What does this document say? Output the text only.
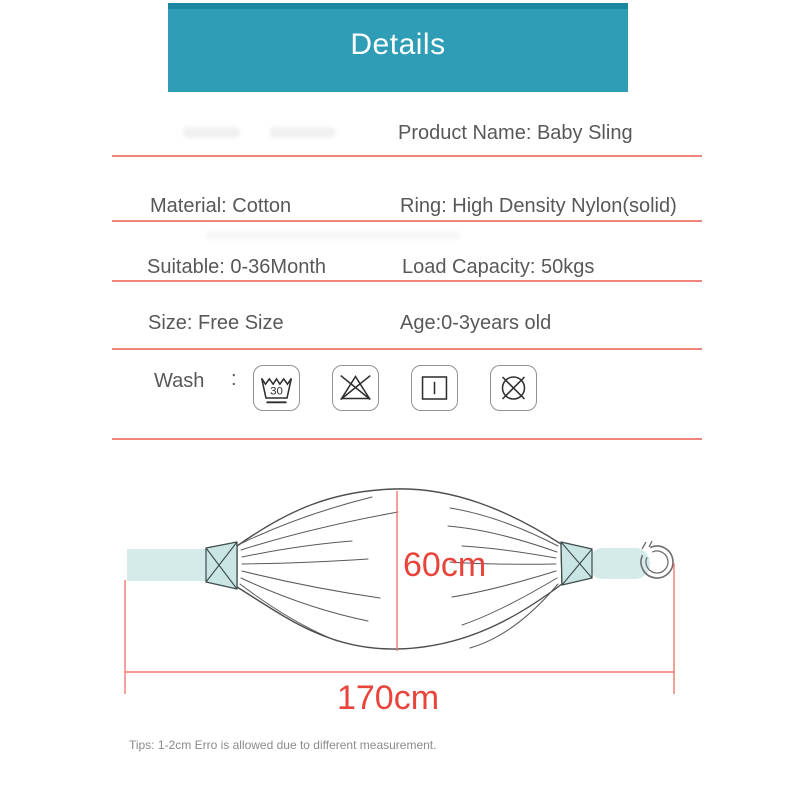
Details
Product Name: Baby Sling
Material: Cotton	Ring: High Density Nylon(solid)
Suitable: 0-36Month	Load Capacity: 50kgs
Size: Free Size	Age:0-3years old
Wash :
30
60cm
170cm
Tips: 1-2cm Erro is allowed due to different measurement.
